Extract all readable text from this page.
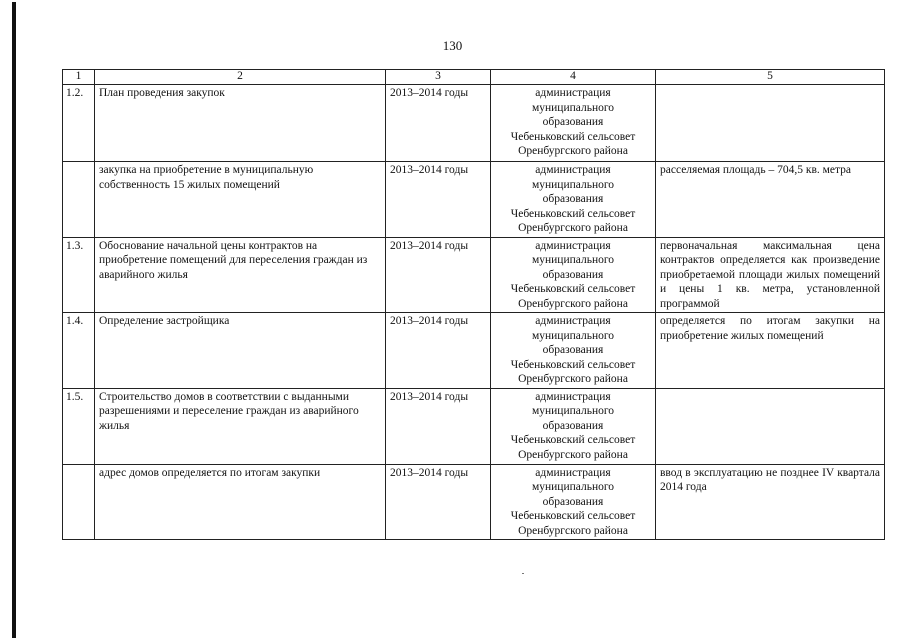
130
1	2	3	4	5
1.2.	План проведения закупок	2013–2014 годы	администрация
муниципального
образования
Чебеньковский сельсовет
Оренбургского района	

	закупка на приобретение в муниципальную собственность 15 жилых помещений	2013–2014 годы	администрация
муниципального
образования
Чебеньковский сельсовет
Оренбургского района	расселяемая площадь – 704,5 кв. метра
1.3.	Обоснование начальной цены контрактов на приобретение помещений для переселения граждан из аварийного жилья	2013–2014 годы	администрация
муниципального
образования
Чебеньковский сельсовет
Оренбургского района	первоначальная максимальная цена контрактов определяется как произведение приобретаемой площади жилых помещений и цены 1 кв. метра, установленной программой
1.4.	Определение застройщика	2013–2014 годы	администрация
муниципального
образования
Чебеньковский сельсовет
Оренбургского района	определяется по итогам закупки на приобретение жилых помещений
1.5.	Строительство домов в соответствии с выданными разрешениями и переселение граждан из аварийного жилья	2013–2014 годы	администрация
муниципального
образования
Чебеньковский сельсовет
Оренбургского района	

	адрес домов определяется по итогам закупки	2013–2014 годы	администрация
муниципального
образования
Чебеньковский сельсовет
Оренбургского района	ввод в эксплуатацию не позднее IV квартала 2014 года
